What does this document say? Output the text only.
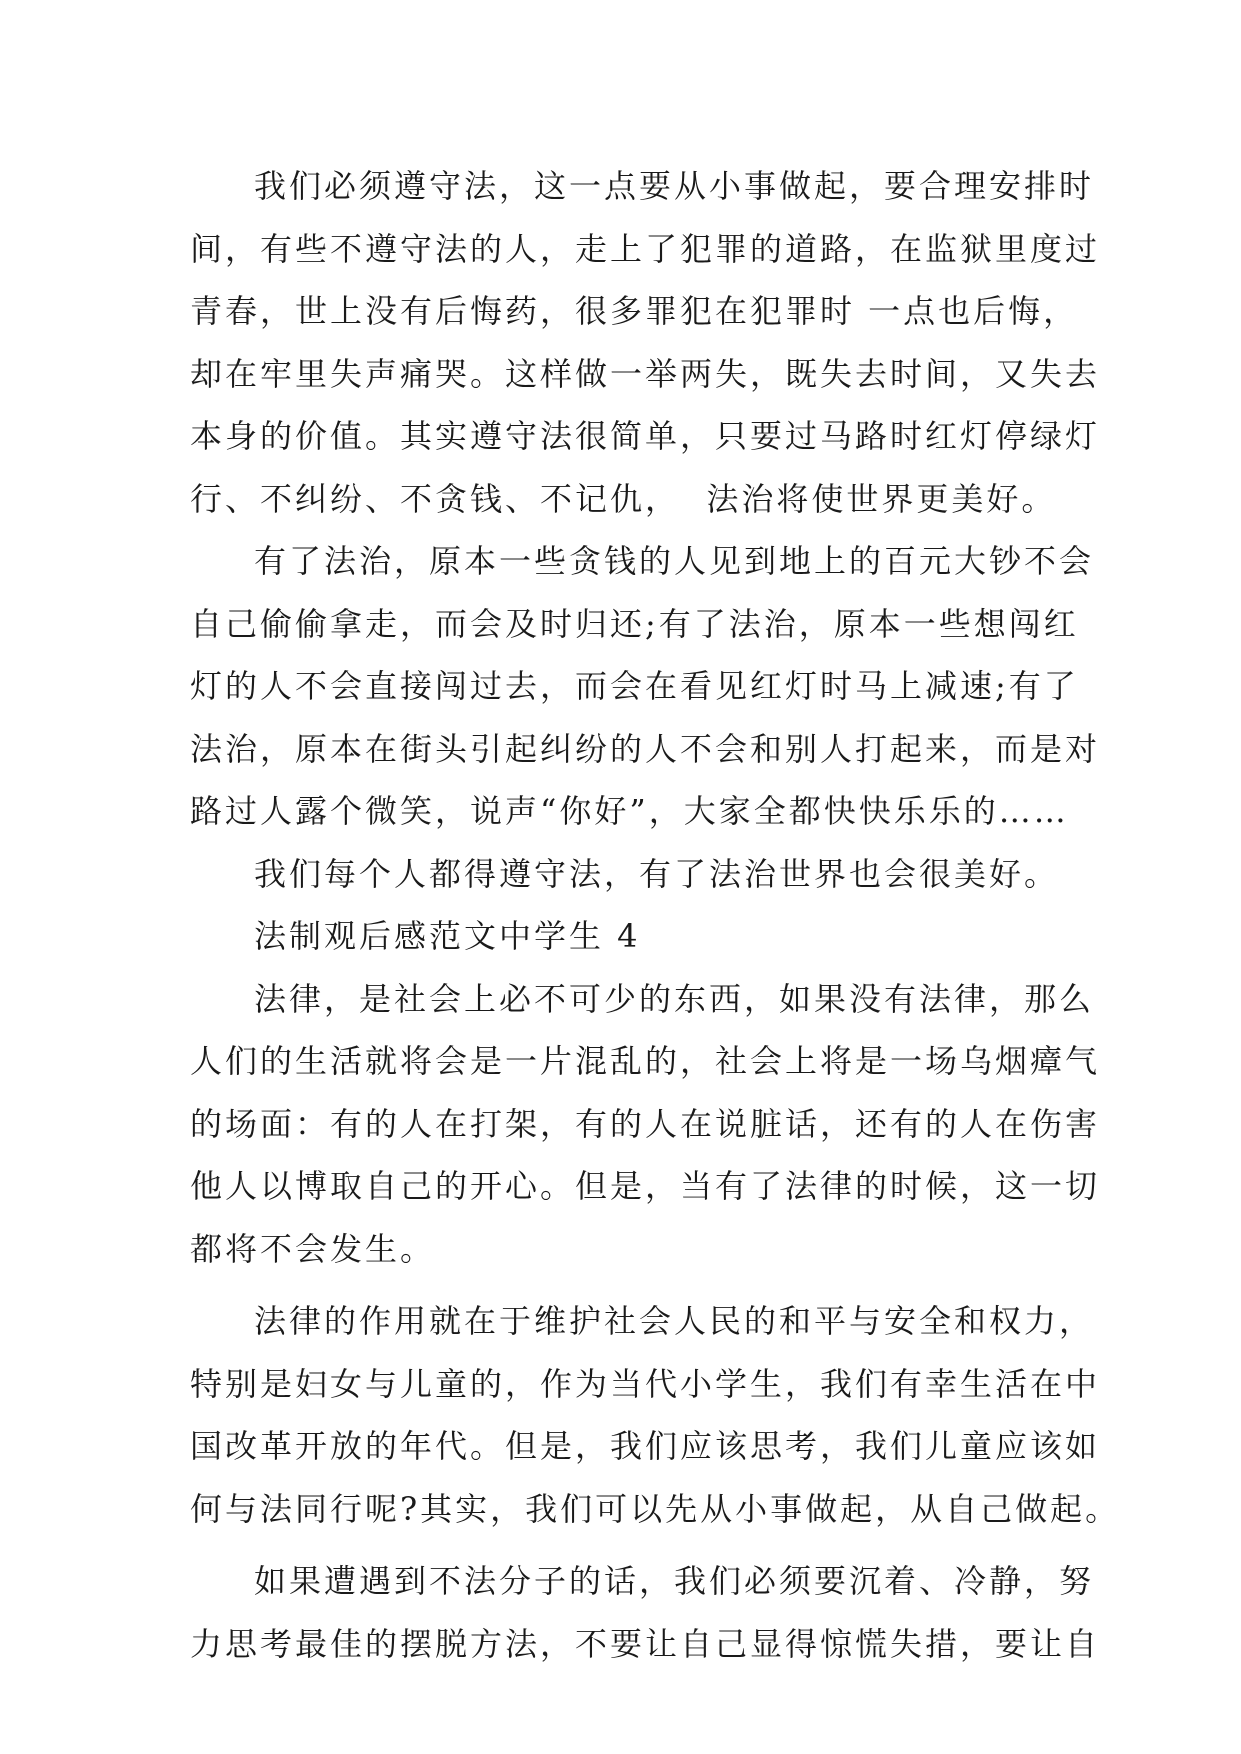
我们必须遵守法，这一点要从小事做起，要合理安排时
间，有些不遵守法的人，走上了犯罪的道路，在监狱里度过
青春，世上没有后悔药，很多罪犯在犯罪时 一点也后悔，
却在牢里失声痛哭。这样做一举两失，既失去时间，又失去
本身的价值。其实遵守法很简单，只要过马路时红灯停绿灯
行、不纠纷、不贪钱、不记仇，  法治将使世界更美好。
有了法治，原本一些贪钱的人见到地上的百元大钞不会
自己偷偷拿走，而会及时归还;有了法治，原本一些想闯红
灯的人不会直接闯过去，而会在看见红灯时马上减速;有了
法治，原本在街头引起纠纷的人不会和别人打起来，而是对
路过人露个微笑，说声“你好”，大家全都快快乐乐的……
我们每个人都得遵守法，有了法治世界也会很美好。
法制观后感范文中学生 4
法律，是社会上必不可少的东西，如果没有法律，那么
人们的生活就将会是一片混乱的，社会上将是一场乌烟瘴气
的场面：有的人在打架，有的人在说脏话，还有的人在伤害
他人以博取自己的开心。但是，当有了法律的时候，这一切
都将不会发生。
法律的作用就在于维护社会人民的和平与安全和权力，
特别是妇女与儿童的，作为当代小学生，我们有幸生活在中
国改革开放的年代。但是，我们应该思考，我们儿童应该如
何与法同行呢?其实，我们可以先从小事做起，从自己做起。
如果遭遇到不法分子的话，我们必须要沉着、冷静，努
力思考最佳的摆脱方法，不要让自己显得惊慌失措，要让自
